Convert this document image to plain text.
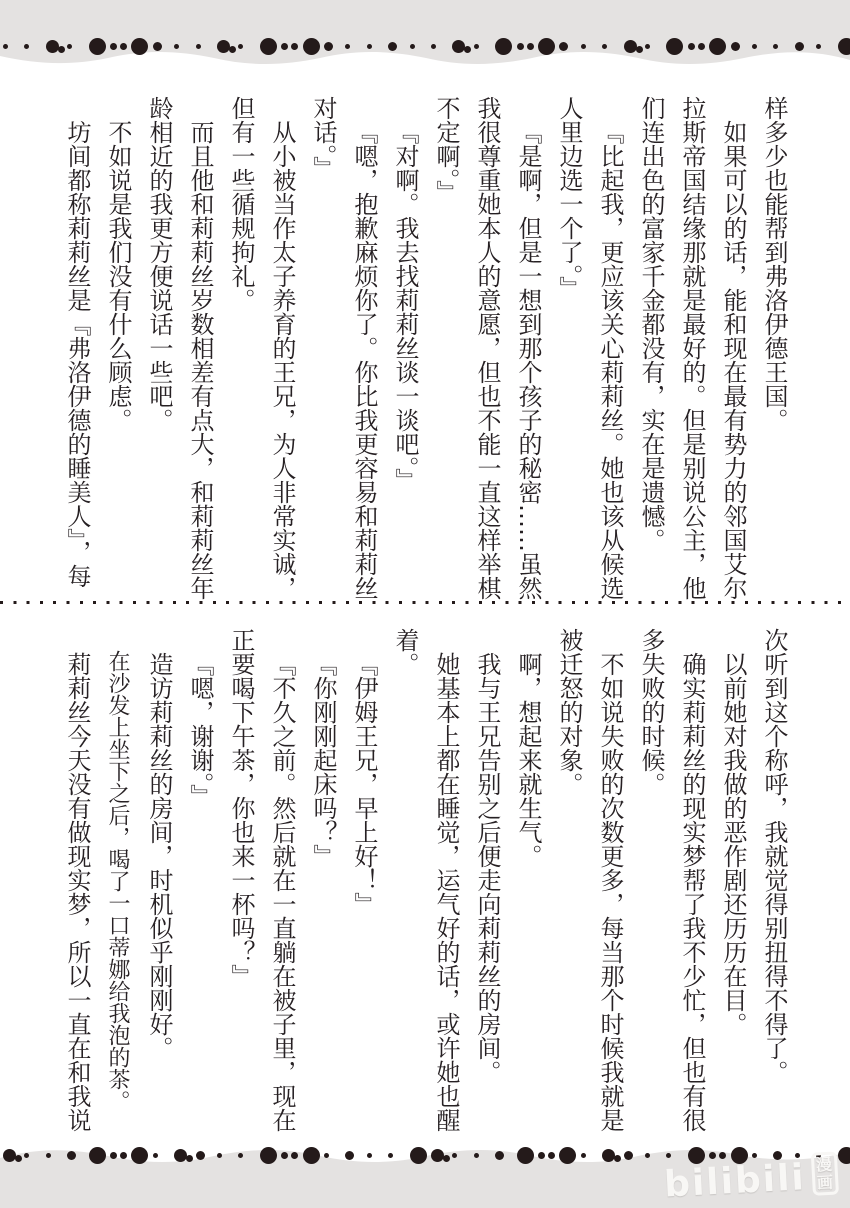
样多少也能帮到弗洛伊德王国。

如果可以的话，能和现在最有势力的邻国艾尔

拉斯帝国结缘那就是最好的。但是别说公主，他

们连出色的富家千金都没有，实在是遗憾。

『比起我，更应该关心莉莉丝。她也该从候选

人里边选一个了。』

『是啊，但是一想到那个孩子的秘密……虽然

我很尊重她本人的意愿，但也不能一直这样举棋

不定啊。』

『对啊。我去找莉莉丝谈一谈吧。』

『嗯，抱歉麻烦你了。你比我更容易和莉莉丝

对话。』

从小被当作太子养育的王兄，为人非常实诚，

但有一些循规拘礼。

而且他和莉莉丝岁数相差有点大，和莉莉丝年

龄相近的我更方便说话一些吧。

不如说是我们没有什么顾虑。

坊间都称莉莉丝是『弗洛伊德的睡美人』，每

次听到这个称呼，我就觉得别扭得不得了。

以前她对我做的恶作剧还历历在目。

确实莉莉丝的现实梦帮了我不少忙，但也有很

多失败的时候。

不如说失败的次数更多，每当那个时候我就是

被迁怒的对象。

啊，想起来就生气。

我与王兄告别之后便走向莉莉丝的房间。

她基本上都在睡觉，运气好的话，或许她也醒

着。

『伊姆王兄，早上好！』

『你刚刚起床吗？』

『不久之前。然后就在一直躺在被子里，现在

正要喝下午茶，你也来一杯吗？』

『嗯，谢谢。』

造访莉莉丝的房间，时机似乎刚刚好。

在沙发上坐下之后，喝了一口蒂娜给我泡的茶。

莉莉丝今天没有做现实梦，所以一直在和我说

bilibili 漫
画
